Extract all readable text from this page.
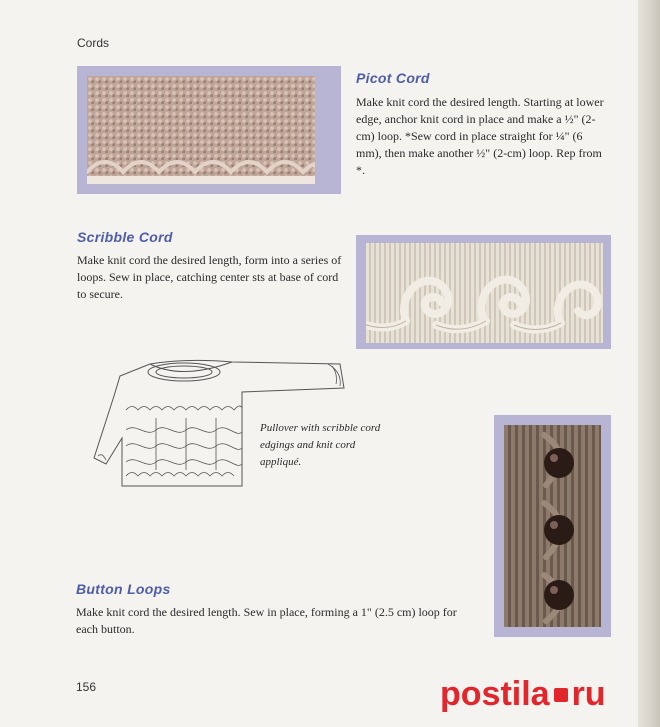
Cords
Picot Cord

Make knit cord the desired length. Starting at lower edge, anchor knit cord in place and make a ½" (2-cm) loop. *Sew cord in place straight for ¼" (6 mm), then make another ½" (2-cm) loop. Rep from *.

Scribble Cord

Make knit cord the desired length, form into a series of loops. Sew in place, catching center sts at base of cord to secure.

Pullover with scribble cord edgings and knit cord appliqué.

Button Loops

Make knit cord the desired length. Sew in place, forming a 1" (2.5 cm) loop for each button.

156	postila ru
